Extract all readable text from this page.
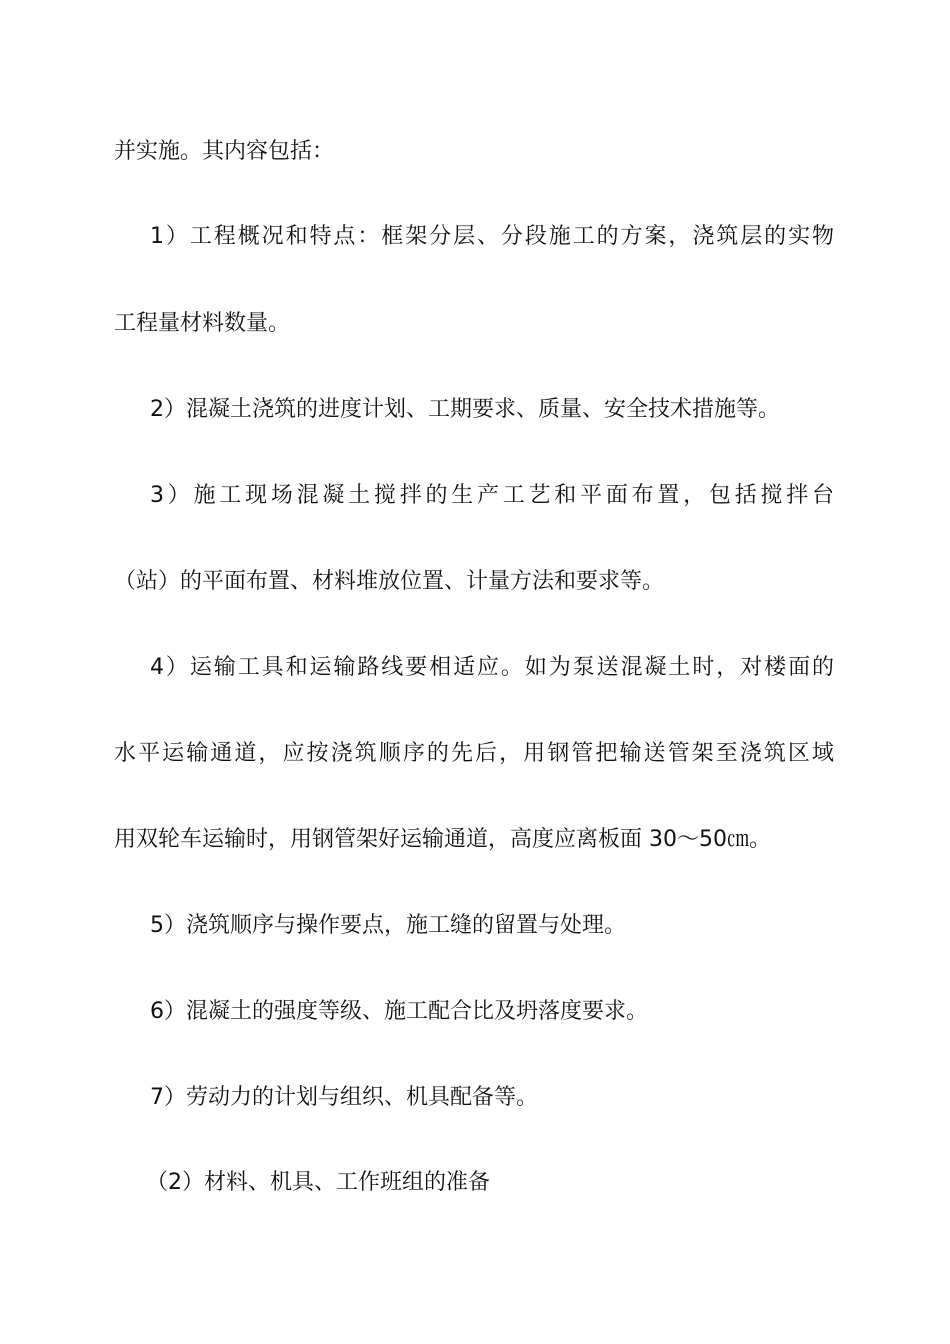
并实施。其内容包括：
1）工程概况和特点：框架分层、分段施工的方案，浇筑层的实物
工程量材料数量。
2）混凝土浇筑的进度计划、工期要求、质量、安全技术措施等。
3）施工现场混凝土搅拌的生产工艺和平面布置，包括搅拌台
（站）的平面布置、材料堆放位置、计量方法和要求等。
4）运输工具和运输路线要相适应。如为泵送混凝土时，对楼面的
水平运输通道，应按浇筑顺序的先后，用钢管把输送管架至浇筑区域
用双轮车运输时，用钢管架好运输通道，高度应离板面 30～50㎝。
5）浇筑顺序与操作要点，施工缝的留置与处理。
6）混凝土的强度等级、施工配合比及坍落度要求。
7）劳动力的计划与组织、机具配备等。
（2）材料、机具、工作班组的准备
